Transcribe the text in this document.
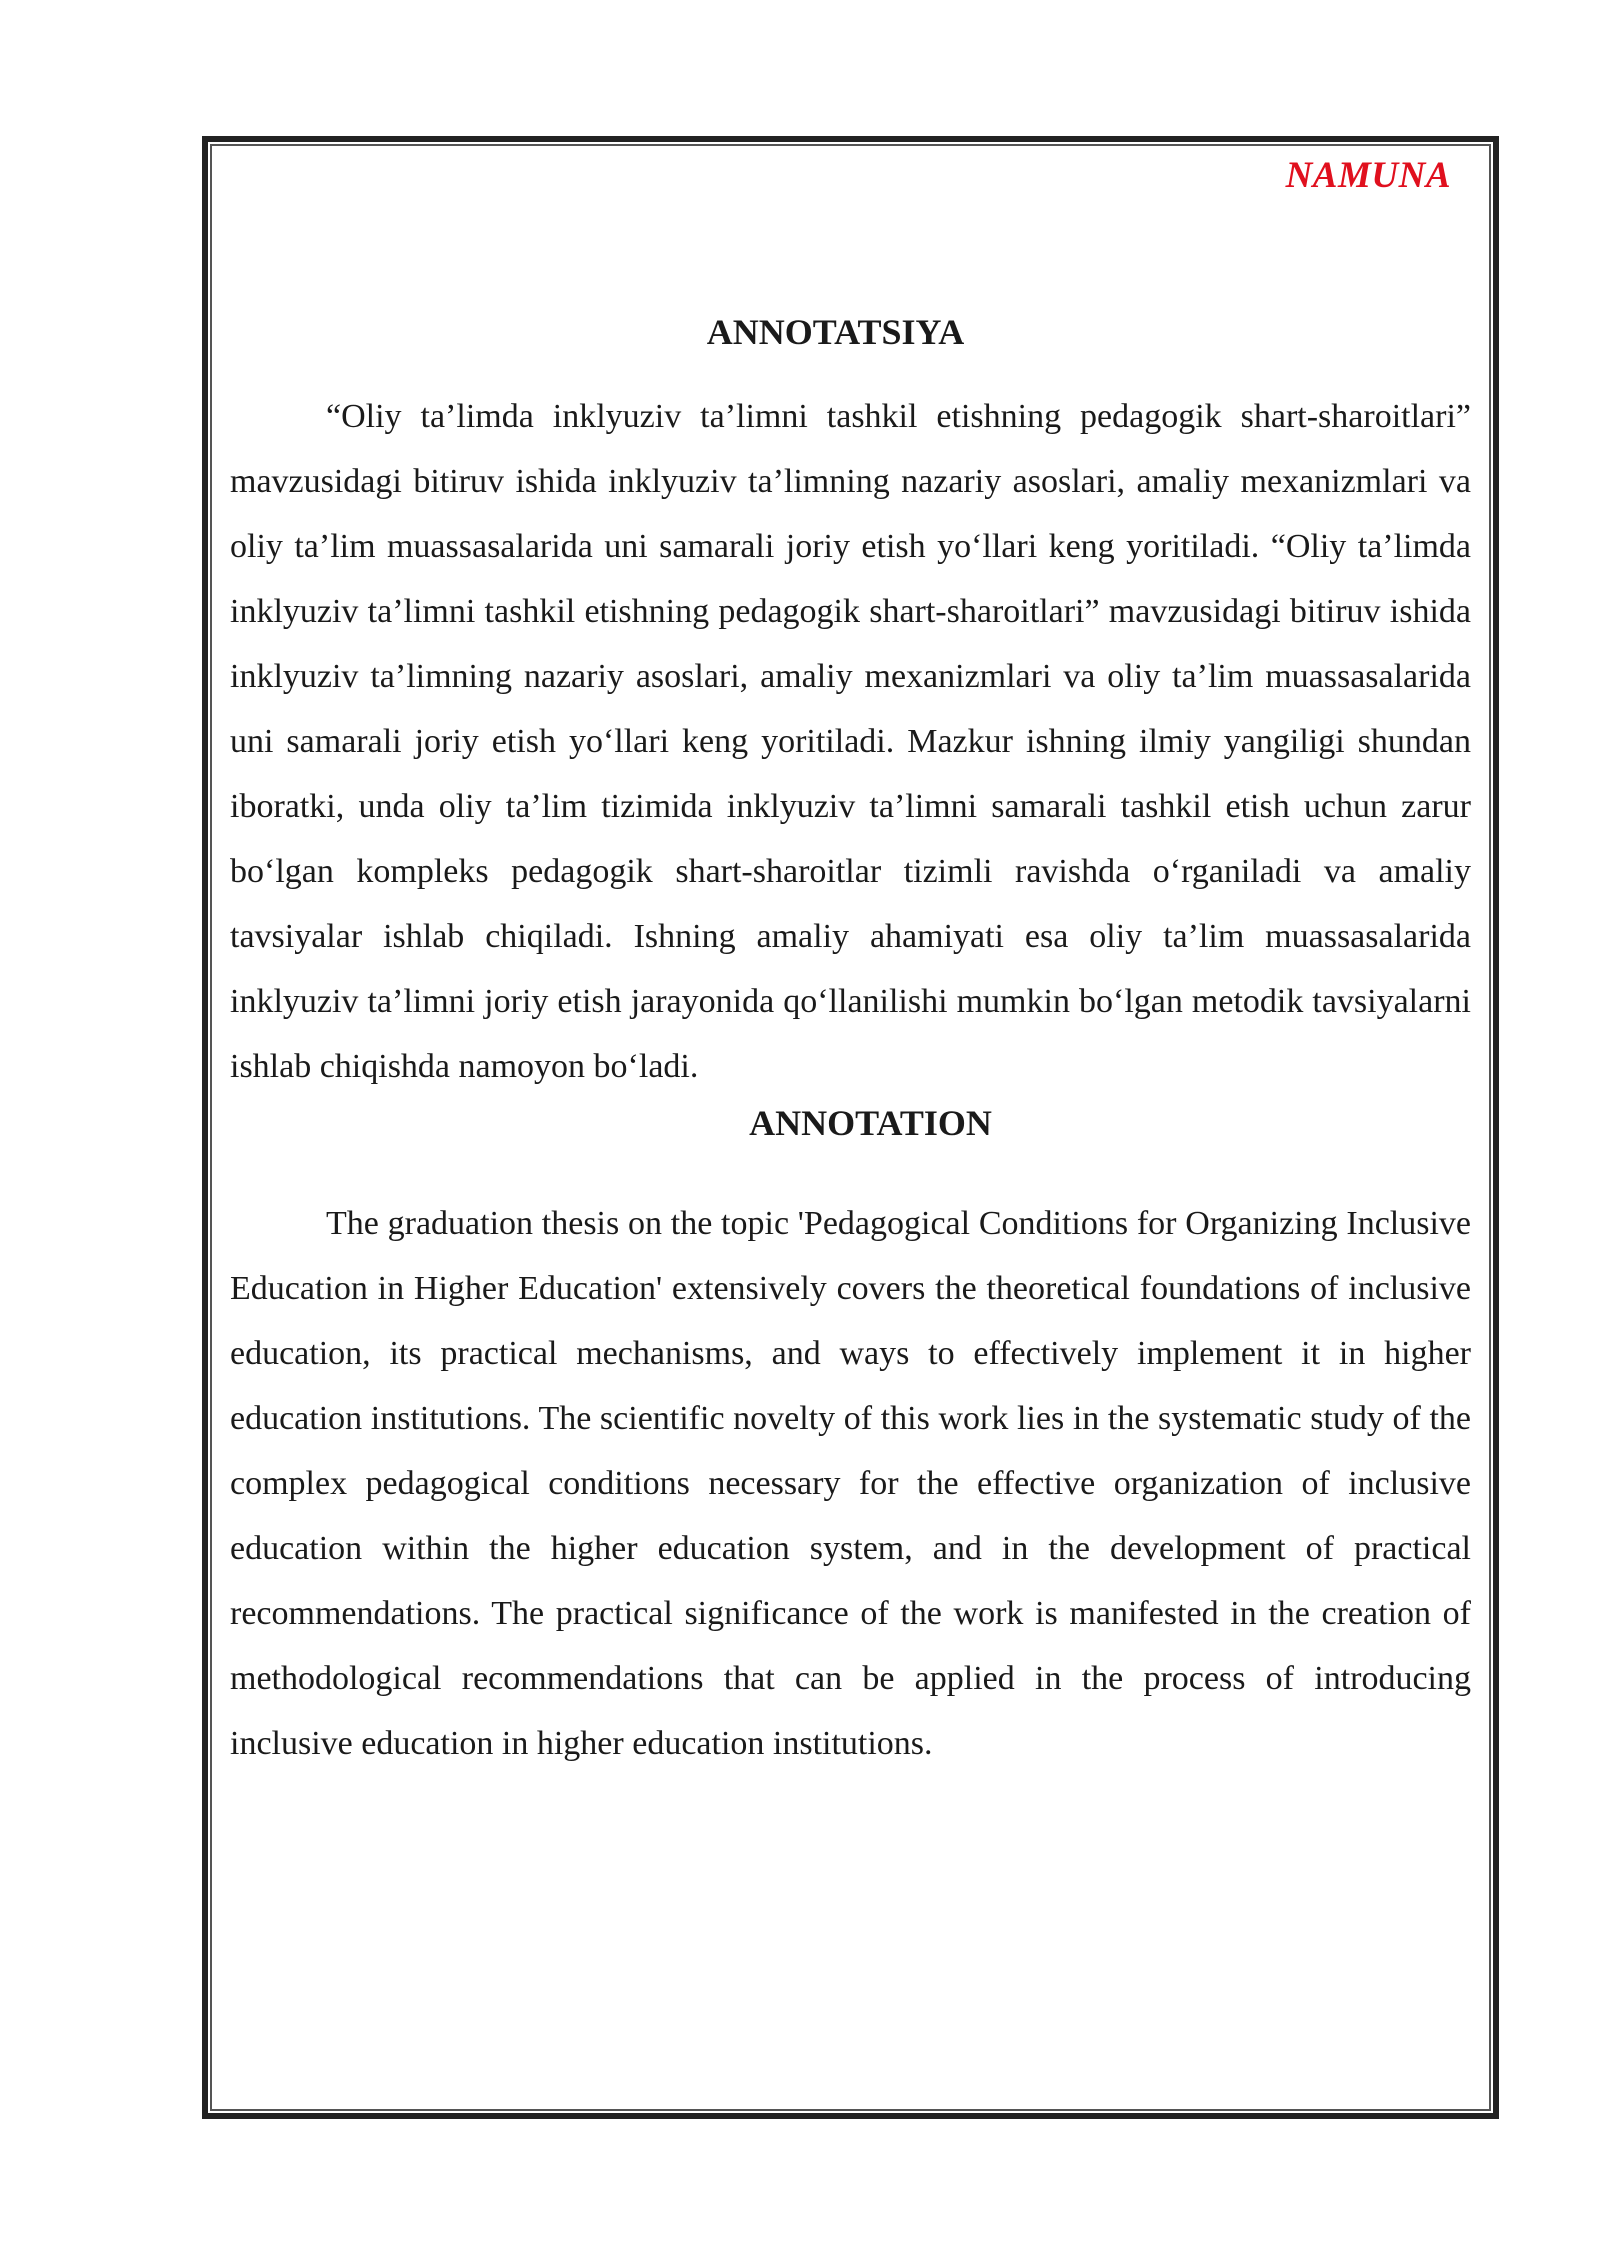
NAMUNA
ANNOTATSIYA

“Oliy ta’limda inklyuziv ta’limni tashkil etishning pedagogik shart-sharoitlari” mavzusidagi bitiruv ishida inklyuziv ta’limning nazariy asoslari, amaliy mexanizmlari va oliy ta’lim muassasalarida uni samarali joriy etish yo‘llari keng yoritiladi. “Oliy ta’limda inklyuziv ta’limni tashkil etishning pedagogik shart-sharoitlari” mavzusidagi bitiruv ishida inklyuziv ta’limning nazariy asoslari, amaliy mexanizmlari va oliy ta’lim muassasalarida uni samarali joriy etish yo‘llari keng yoritiladi. Mazkur ishning ilmiy yangiligi shundan iboratki, unda oliy ta’lim tizimida inklyuziv ta’limni samarali tashkil etish uchun zarur bo‘lgan kompleks pedagogik shart-sharoitlar tizimli ravishda o‘rganiladi va amaliy tavsiyalar ishlab chiqiladi. Ishning amaliy ahamiyati esa oliy ta’lim muassasalarida inklyuziv ta’limni joriy etish jarayonida qo‘llanilishi mumkin bo‘lgan metodik tavsiyalarni ishlab chiqishda namoyon bo‘ladi.

ANNOTATION

The graduation thesis on the topic 'Pedagogical Conditions for Organizing Inclusive Education in Higher Education' extensively covers the theoretical foundations of inclusive education, its practical mechanisms, and ways to effectively implement it in higher education institutions. The scientific novelty of this work lies in the systematic study of the complex pedagogical conditions necessary for the effective organization of inclusive education within the higher education system, and in the development of practical recommendations. The practical significance of the work is manifested in the creation of methodological recommendations that can be applied in the process of introducing inclusive education in higher education institutions.
